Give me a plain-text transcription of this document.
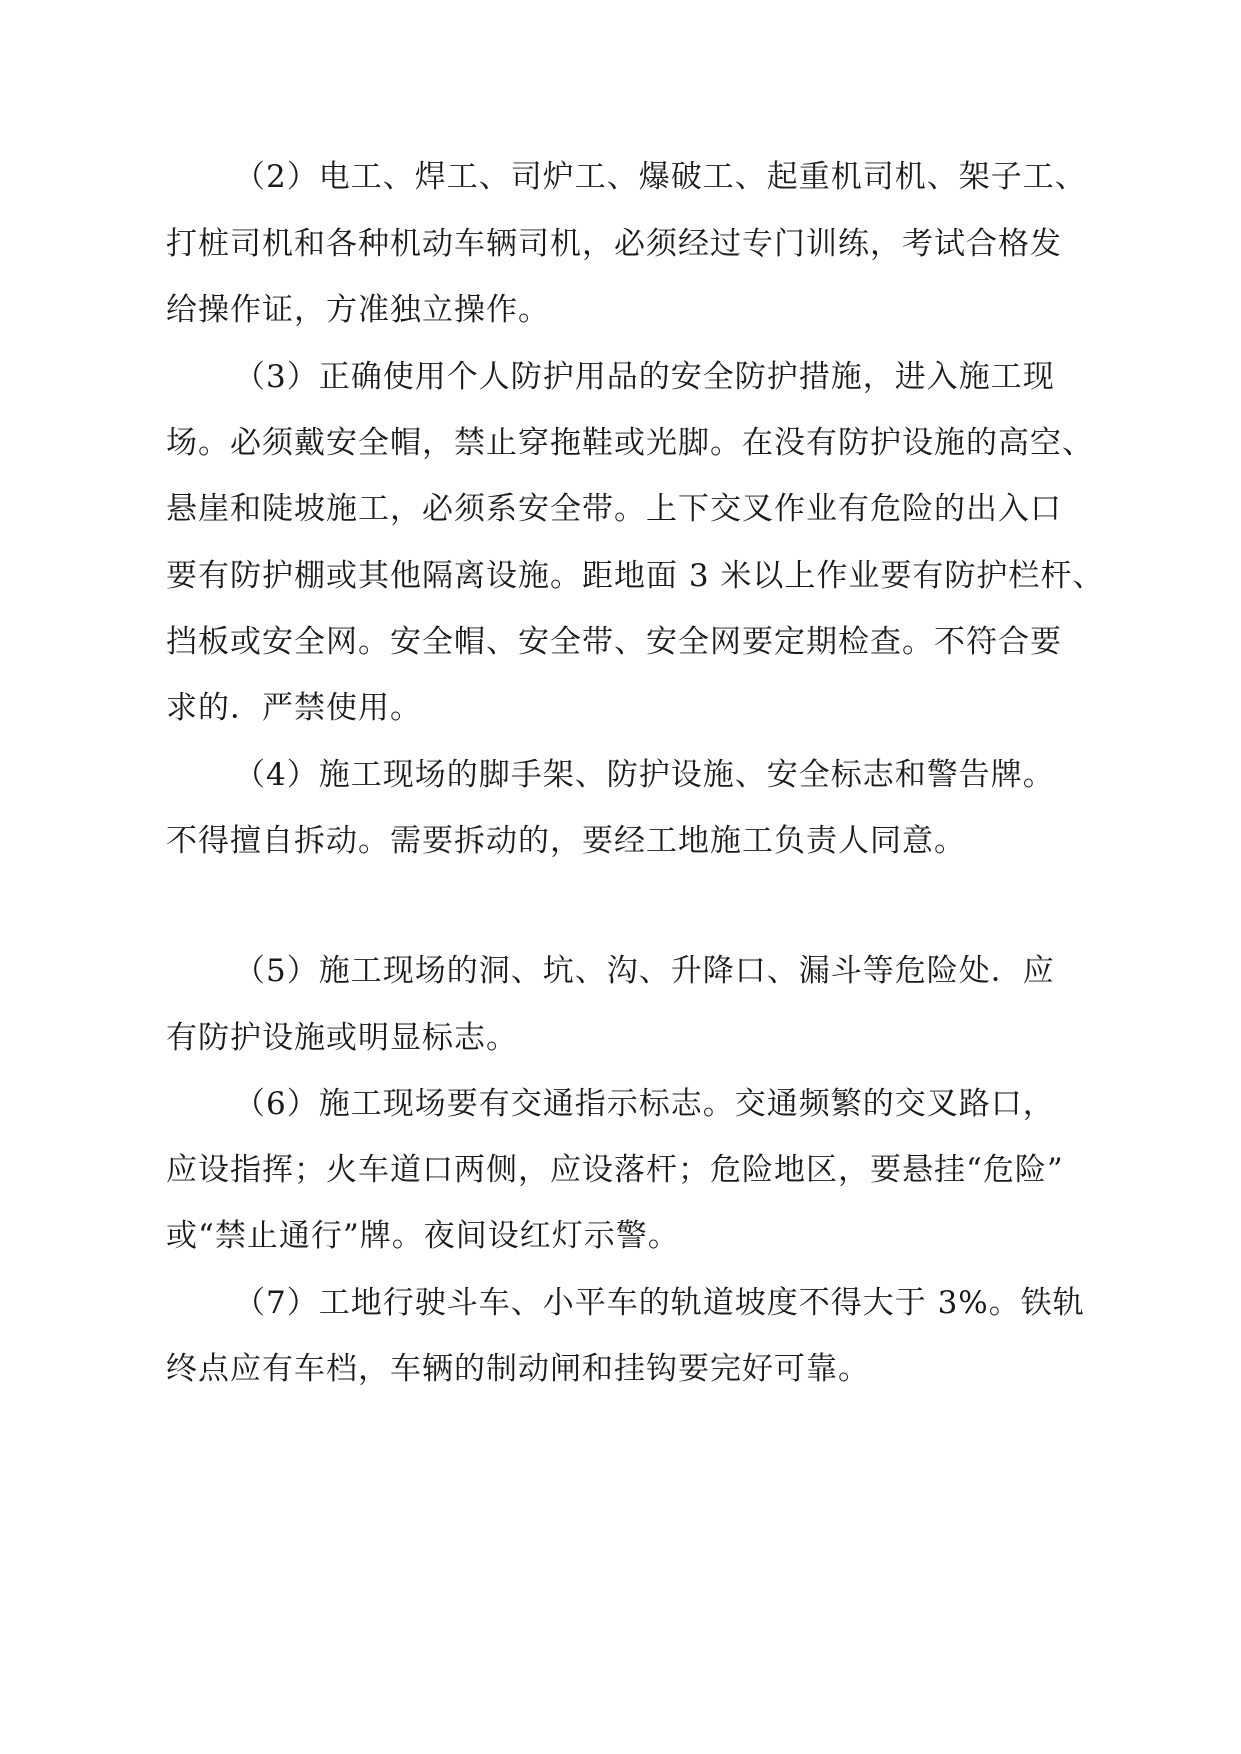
（2）电工、焊工、司炉工、爆破工、起重机司机、架子工、
打桩司机和各种机动车辆司机，必须经过专门训练，考试合格发
给操作证，方准独立操作。
（3）正确使用个人防护用品的安全防护措施，进入施工现
场。必须戴安全帽，禁止穿拖鞋或光脚。在没有防护设施的高空、
悬崖和陡坡施工，必须系安全带。上下交叉作业有危险的出入口
要有防护棚或其他隔离设施。距地面 3 米以上作业要有防护栏杆、
挡板或安全网。安全帽、安全带、安全网要定期检查。不符合要
求的．严禁使用。
（4）施工现场的脚手架、防护设施、安全标志和警告牌。
不得擅自拆动。需要拆动的，要经工地施工负责人同意。
（5）施工现场的洞、坑、沟、升降口、漏斗等危险处．应
有防护设施或明显标志。
（6）施工现场要有交通指示标志。交通频繁的交叉路口，
应设指挥；火车道口两侧，应设落杆；危险地区，要悬挂“危险”
或“禁止通行”牌。夜间设红灯示警。
（7）工地行驶斗车、小平车的轨道坡度不得大于 3%。铁轨
终点应有车档，车辆的制动闸和挂钩要完好可靠。
